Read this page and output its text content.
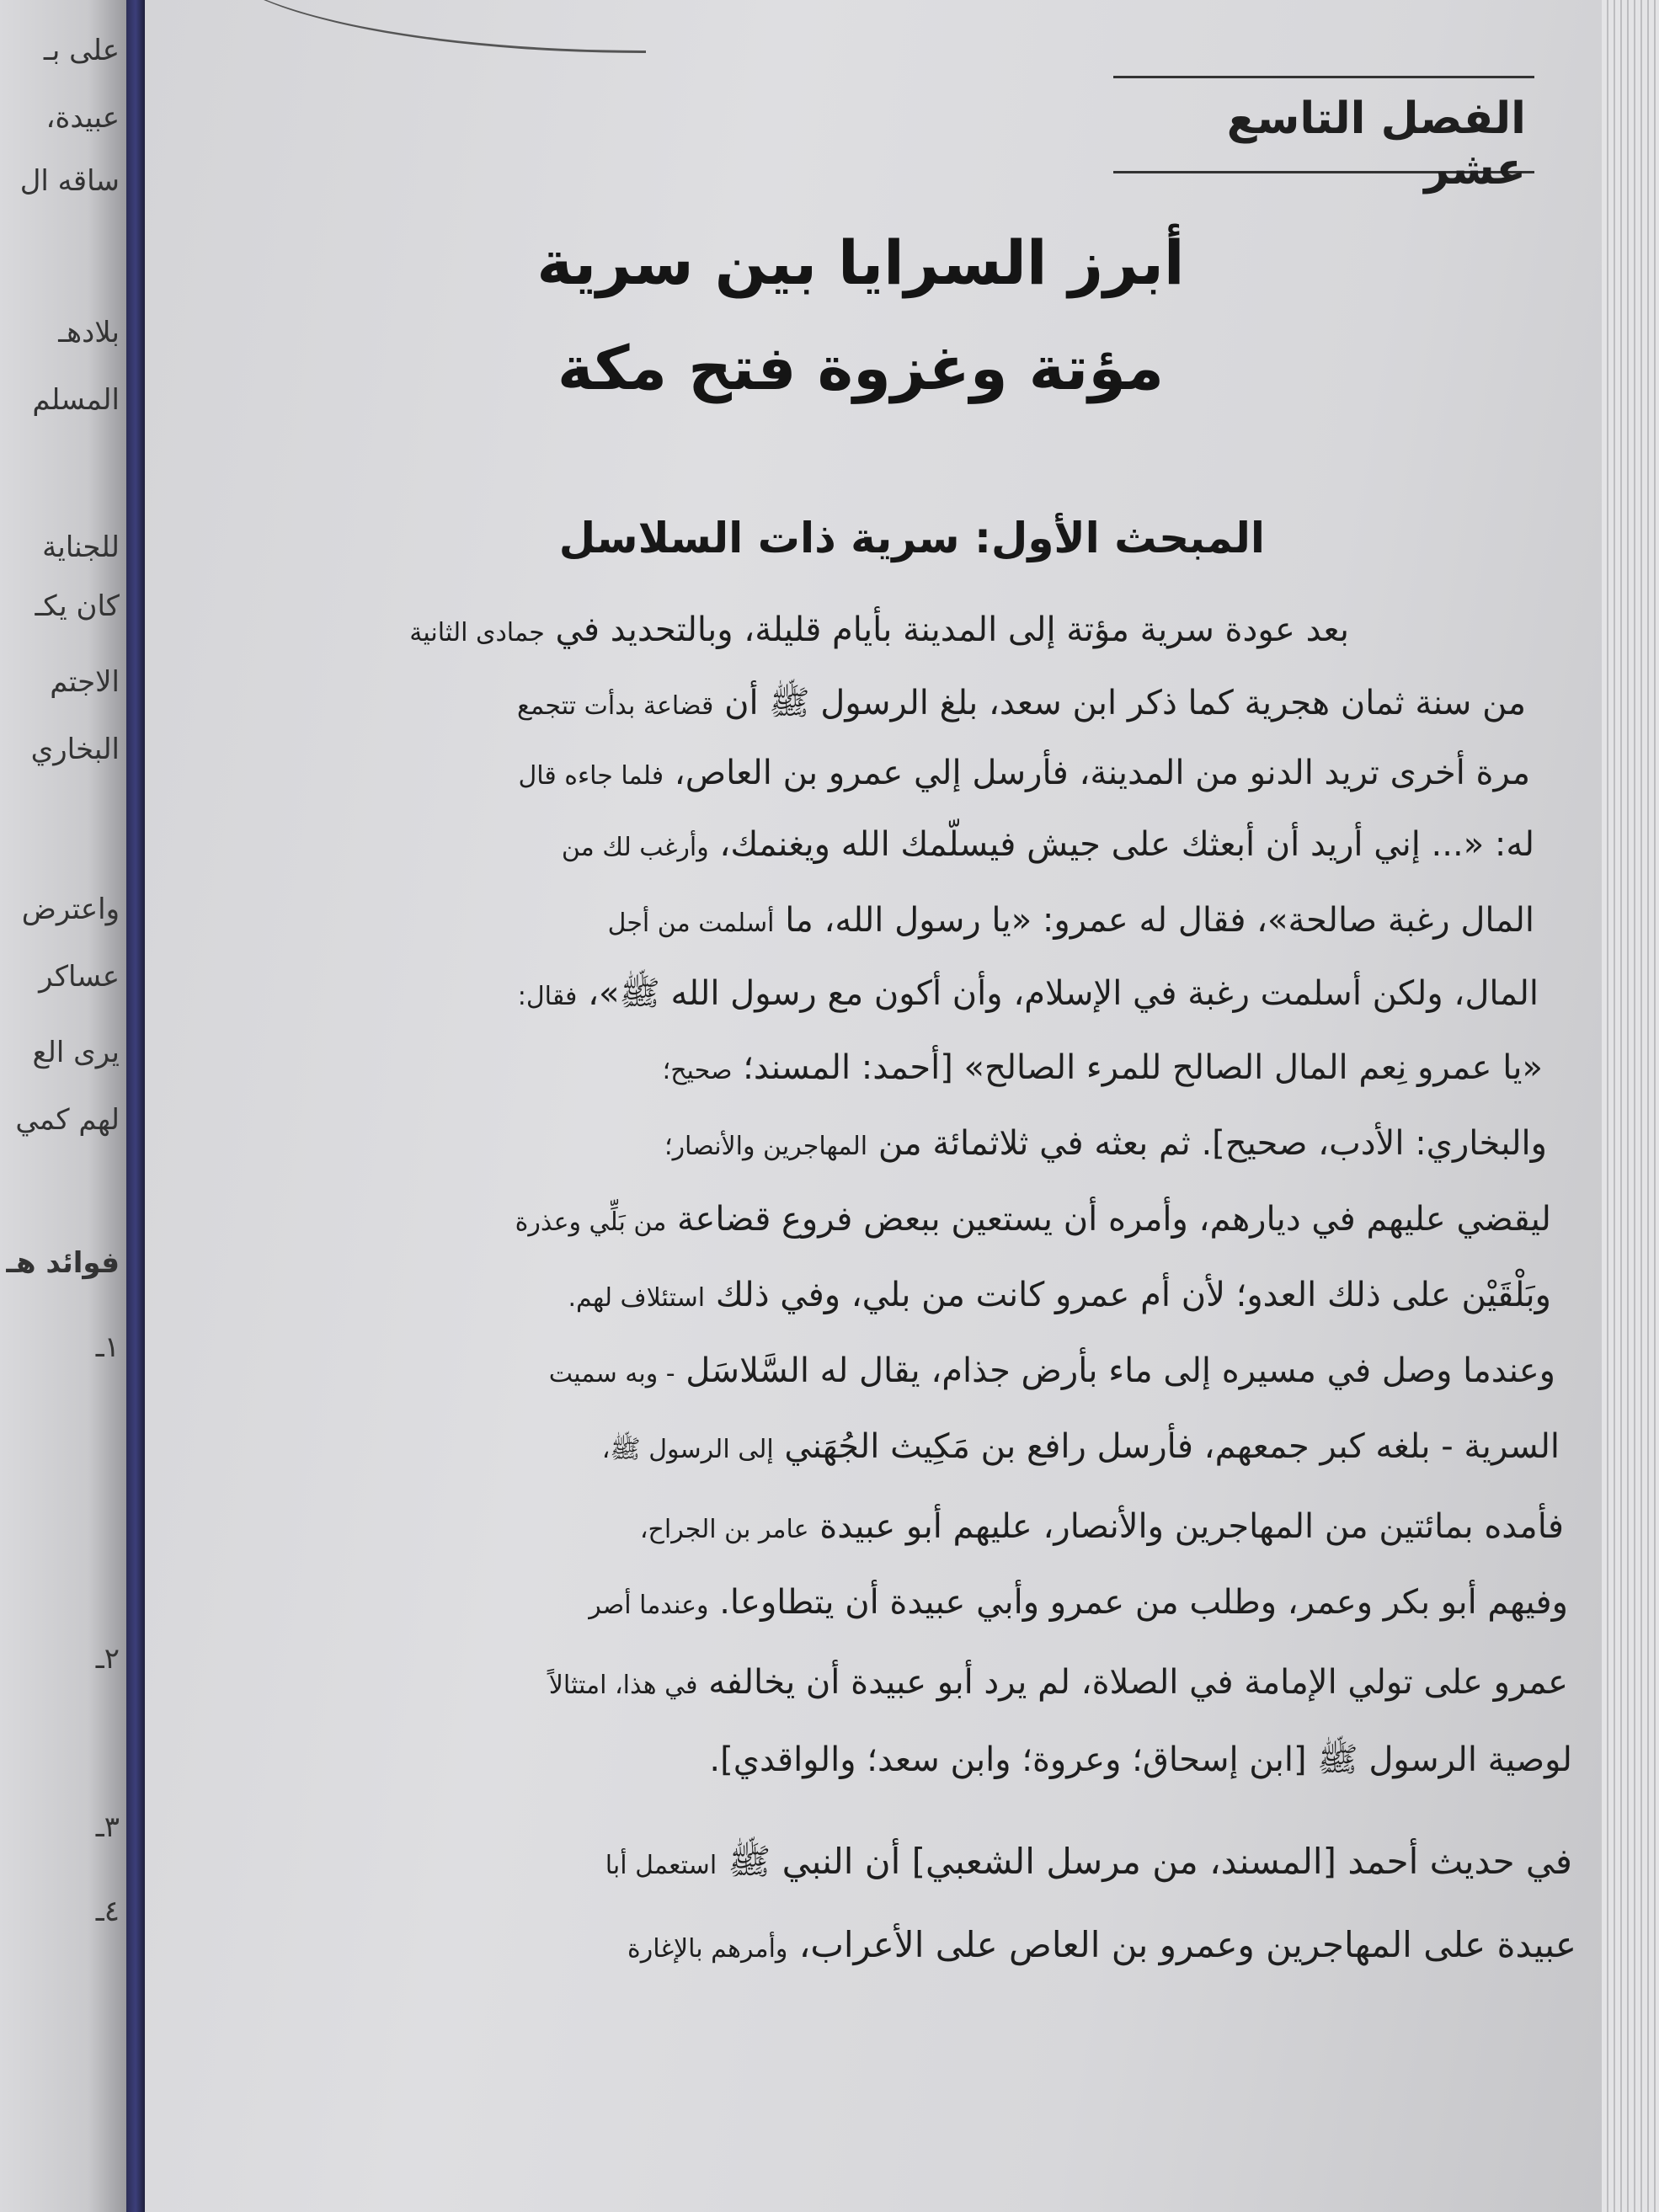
على بـ
عبيدة،
ساقه ال
بلادهـ
المسلم
للجناية
كان يكـ
الاجتم
البخاري
واعترض
عساكر
يرى الع
لهم كمي
فوائد هـ
١ـ
٢ـ
٣ـ
٤ـ
الفصل التاسع عشر
أبرز السرايا بين سرية
مؤتة وغزوة فتح مكة
المبحث الأول: سرية ذات السلاسل
بعد عودة سرية مؤتة إلى المدينة بأيام قليلة، وبالتحديد في جمادى الثانية
من سنة ثمان هجرية كما ذكر ابن سعد، بلغ الرسول ﷺ أن قضاعة بدأت تتجمع
مرة أخرى تريد الدنو من المدينة، فأرسل إلي عمرو بن العاص، فلما جاءه قال
له: «... إني أريد أن أبعثك على جيش فيسلّمك الله ويغنمك، وأرغب لك من
المال رغبة صالحة»، فقال له عمرو: «يا رسول الله، ما أسلمت من أجل
المال، ولكن أسلمت رغبة في الإسلام، وأن أكون مع رسول الله ﷺ»، فقال:
«يا عمرو نِعم المال الصالح للمرء الصالح» [أحمد: المسند؛ صحيح؛
والبخاري: الأدب، صحيح]. ثم بعثه في ثلاثمائة من المهاجرين والأنصار؛
ليقضي عليهم في ديارهم، وأمره أن يستعين ببعض فروع قضاعة من بَلِّي وعذرة
وبَلْقَيْن على ذلك العدو؛ لأن أم عمرو كانت من بلي، وفي ذلك استئلاف لهم.
وعندما وصل في مسيره إلى ماء بأرض جذام، يقال له السَّلاسَل - وبه سميت
السرية - بلغه كبر جمعهم، فأرسل رافع بن مَكِيث الجُهَني إلى الرسول ﷺ،
فأمده بمائتين من المهاجرين والأنصار، عليهم أبو عبيدة عامر بن الجراح،
وفيهم أبو بكر وعمر، وطلب من عمرو وأبي عبيدة أن يتطاوعا. وعندما أصر
عمرو على تولي الإمامة في الصلاة، لم يرد أبو عبيدة أن يخالفه في هذا، امتثالاً
لوصية الرسول ﷺ [ابن إسحاق؛ وعروة؛ وابن سعد؛ والواقدي].
في حديث أحمد [المسند، من مرسل الشعبي] أن النبي ﷺ استعمل أبا
عبيدة على المهاجرين وعمرو بن العاص على الأعراب، وأمرهم بالإغارة
